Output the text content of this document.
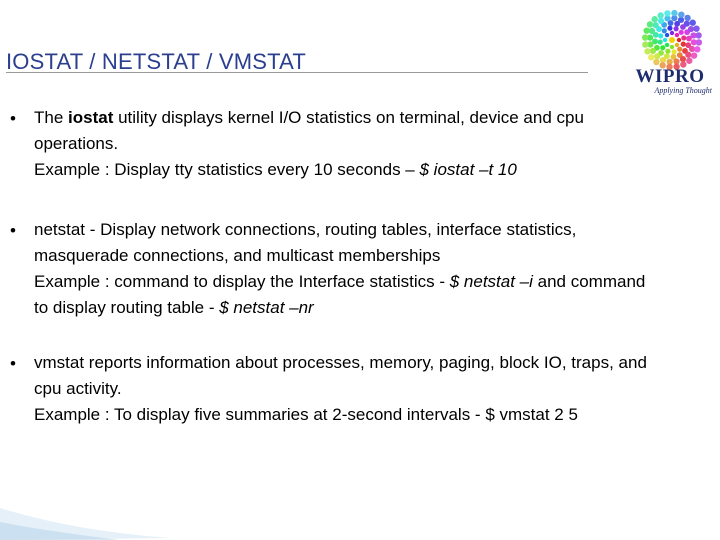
IOSTAT / NETSTAT / VMSTAT
WIPRO
Applying Thought
• The iostat utility displays kernel I/O statistics on terminal, device and cpu operations.

Example : Display tty statistics every 10 seconds – $ iostat –t 10

• netstat - Display network connections, routing tables, interface statistics, masquerade connections, and multicast memberships

Example : command to display the Interface statistics - $ netstat –i and command to display routing table - $ netstat –nr

• vmstat reports information about processes, memory, paging, block IO, traps, and cpu activity.

Example : To display five summaries at 2-second intervals - $ vmstat 2 5
